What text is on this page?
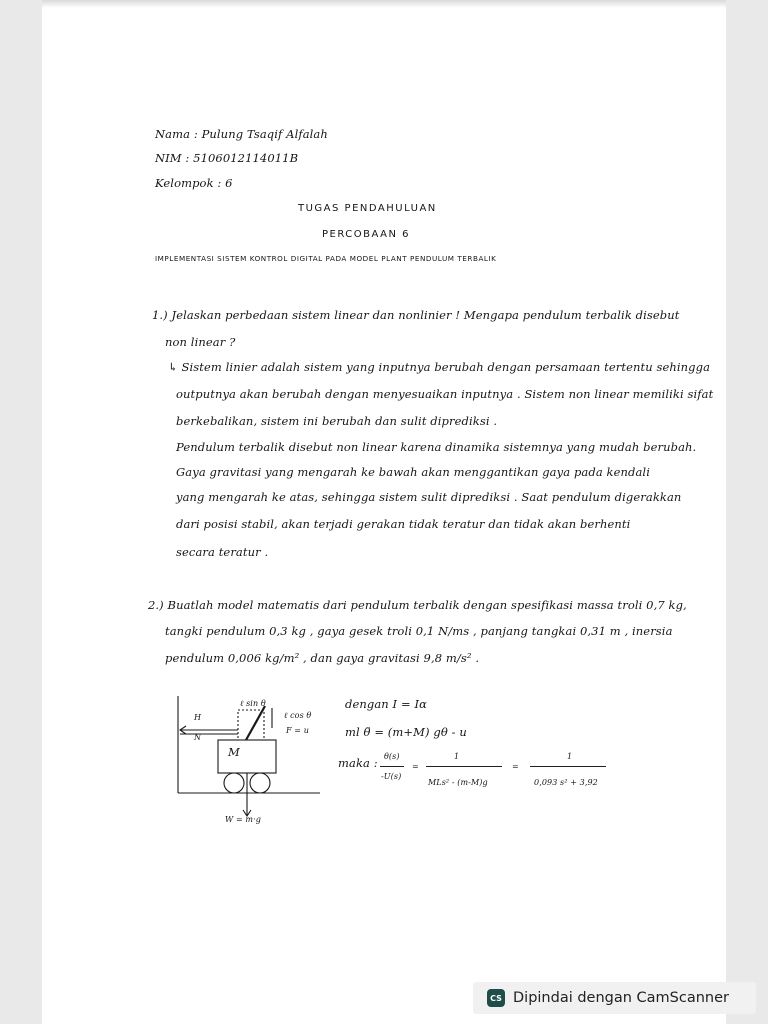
Nama : Pulung Tsaqif Alfalah
NIM : 5106012114011B
Kelompok : 6
TUGAS PENDAHULUAN
PERCOBAAN 6
IMPLEMENTASI SISTEM KONTROL DIGITAL PADA MODEL PLANT PENDULUM TERBALIK
1.) Jelaskan perbedaan sistem linear dan nonlinier ! Mengapa pendulum terbalik disebut
non linear ?
↳ Sistem linier adalah sistem yang inputnya berubah dengan persamaan tertentu sehingga
outputnya akan berubah dengan menyesuaikan inputnya . Sistem non linear memiliki sifat
berkebalikan, sistem ini berubah dan sulit diprediksi .
Pendulum terbalik disebut non linear karena dinamika sistemnya yang mudah berubah.
Gaya gravitasi yang mengarah ke bawah akan menggantikan gaya pada kendali
yang mengarah ke atas, sehingga sistem sulit diprediksi . Saat pendulum digerakkan
dari posisi stabil, akan terjadi gerakan tidak teratur dan tidak akan berhenti
secara teratur .
2.) Buatlah model matematis dari pendulum terbalik dengan spesifikasi massa troli 0,7 kg,
tangki pendulum 0,3 kg , gaya gesek troli 0,1 N/ms , panjang tangkai 0,31 m , inersia
pendulum 0,006 kg/m² , dan gaya gravitasi 9,8 m/s² .
ℓ sin θ
ℓ cos θ
F = u
H
N
M
W = m·g
dengan I = Iα
ml θ̈ = (m+M) gθ - u
maka : θ(s)
-U(s)
=
1
MLs² - (m-M)g
=
1
0,093 s² + 3,92
CS Dipindai dengan CamScanner
